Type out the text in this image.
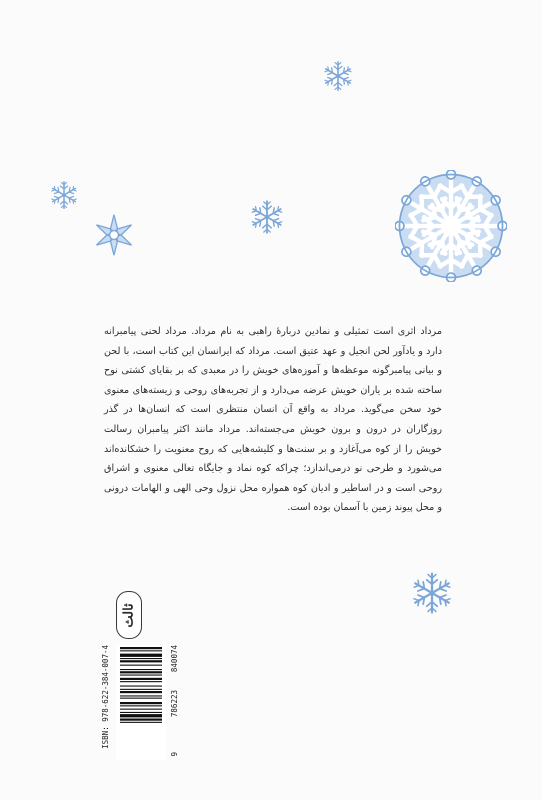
مرداد اثری است تمثیلی و نمادین دربارهٔ راهبی به نام مرداد. مرداد لحنی پیامبرانه دارد و یادآور لحن انجیل و عهد عتیق است. مرداد که ایرانسان این کتاب است، با لحن و بیانی پیامبرگونه موعظه‌ها و آموزه‌های خویش را در معبدی که بر بقایای کشتی نوح ساخته شده بر یاران خویش عرضه می‌دارد و از تجربه‌های روحی و زیسته‌های معنوی خود سخن می‌گوید. مرداد به واقع آن انسان منتظری است که انسان‌ها در گذر روزگاران در درون و برون خویش می‌جسته‌اند. مرداد مانند اکثر پیامبران رسالت خویش را از کوه می‌آغازد و بر سنت‌ها و کلیشه‌هایی که روح معنویت را خشکانده‌اند می‌شورد و طرحی نو درمی‌اندازد؛ چراکه کوه نماد و جایگاه تعالی معنوی و اشراق روحی است و در اساطیر و ادیان کوه همواره محل نزول وحی الهی و الهامات درونی و محل پیوند زمین با آسمان بوده است.

ثالث
ISBN: 978-622-384-007-4
9
786223
840074
